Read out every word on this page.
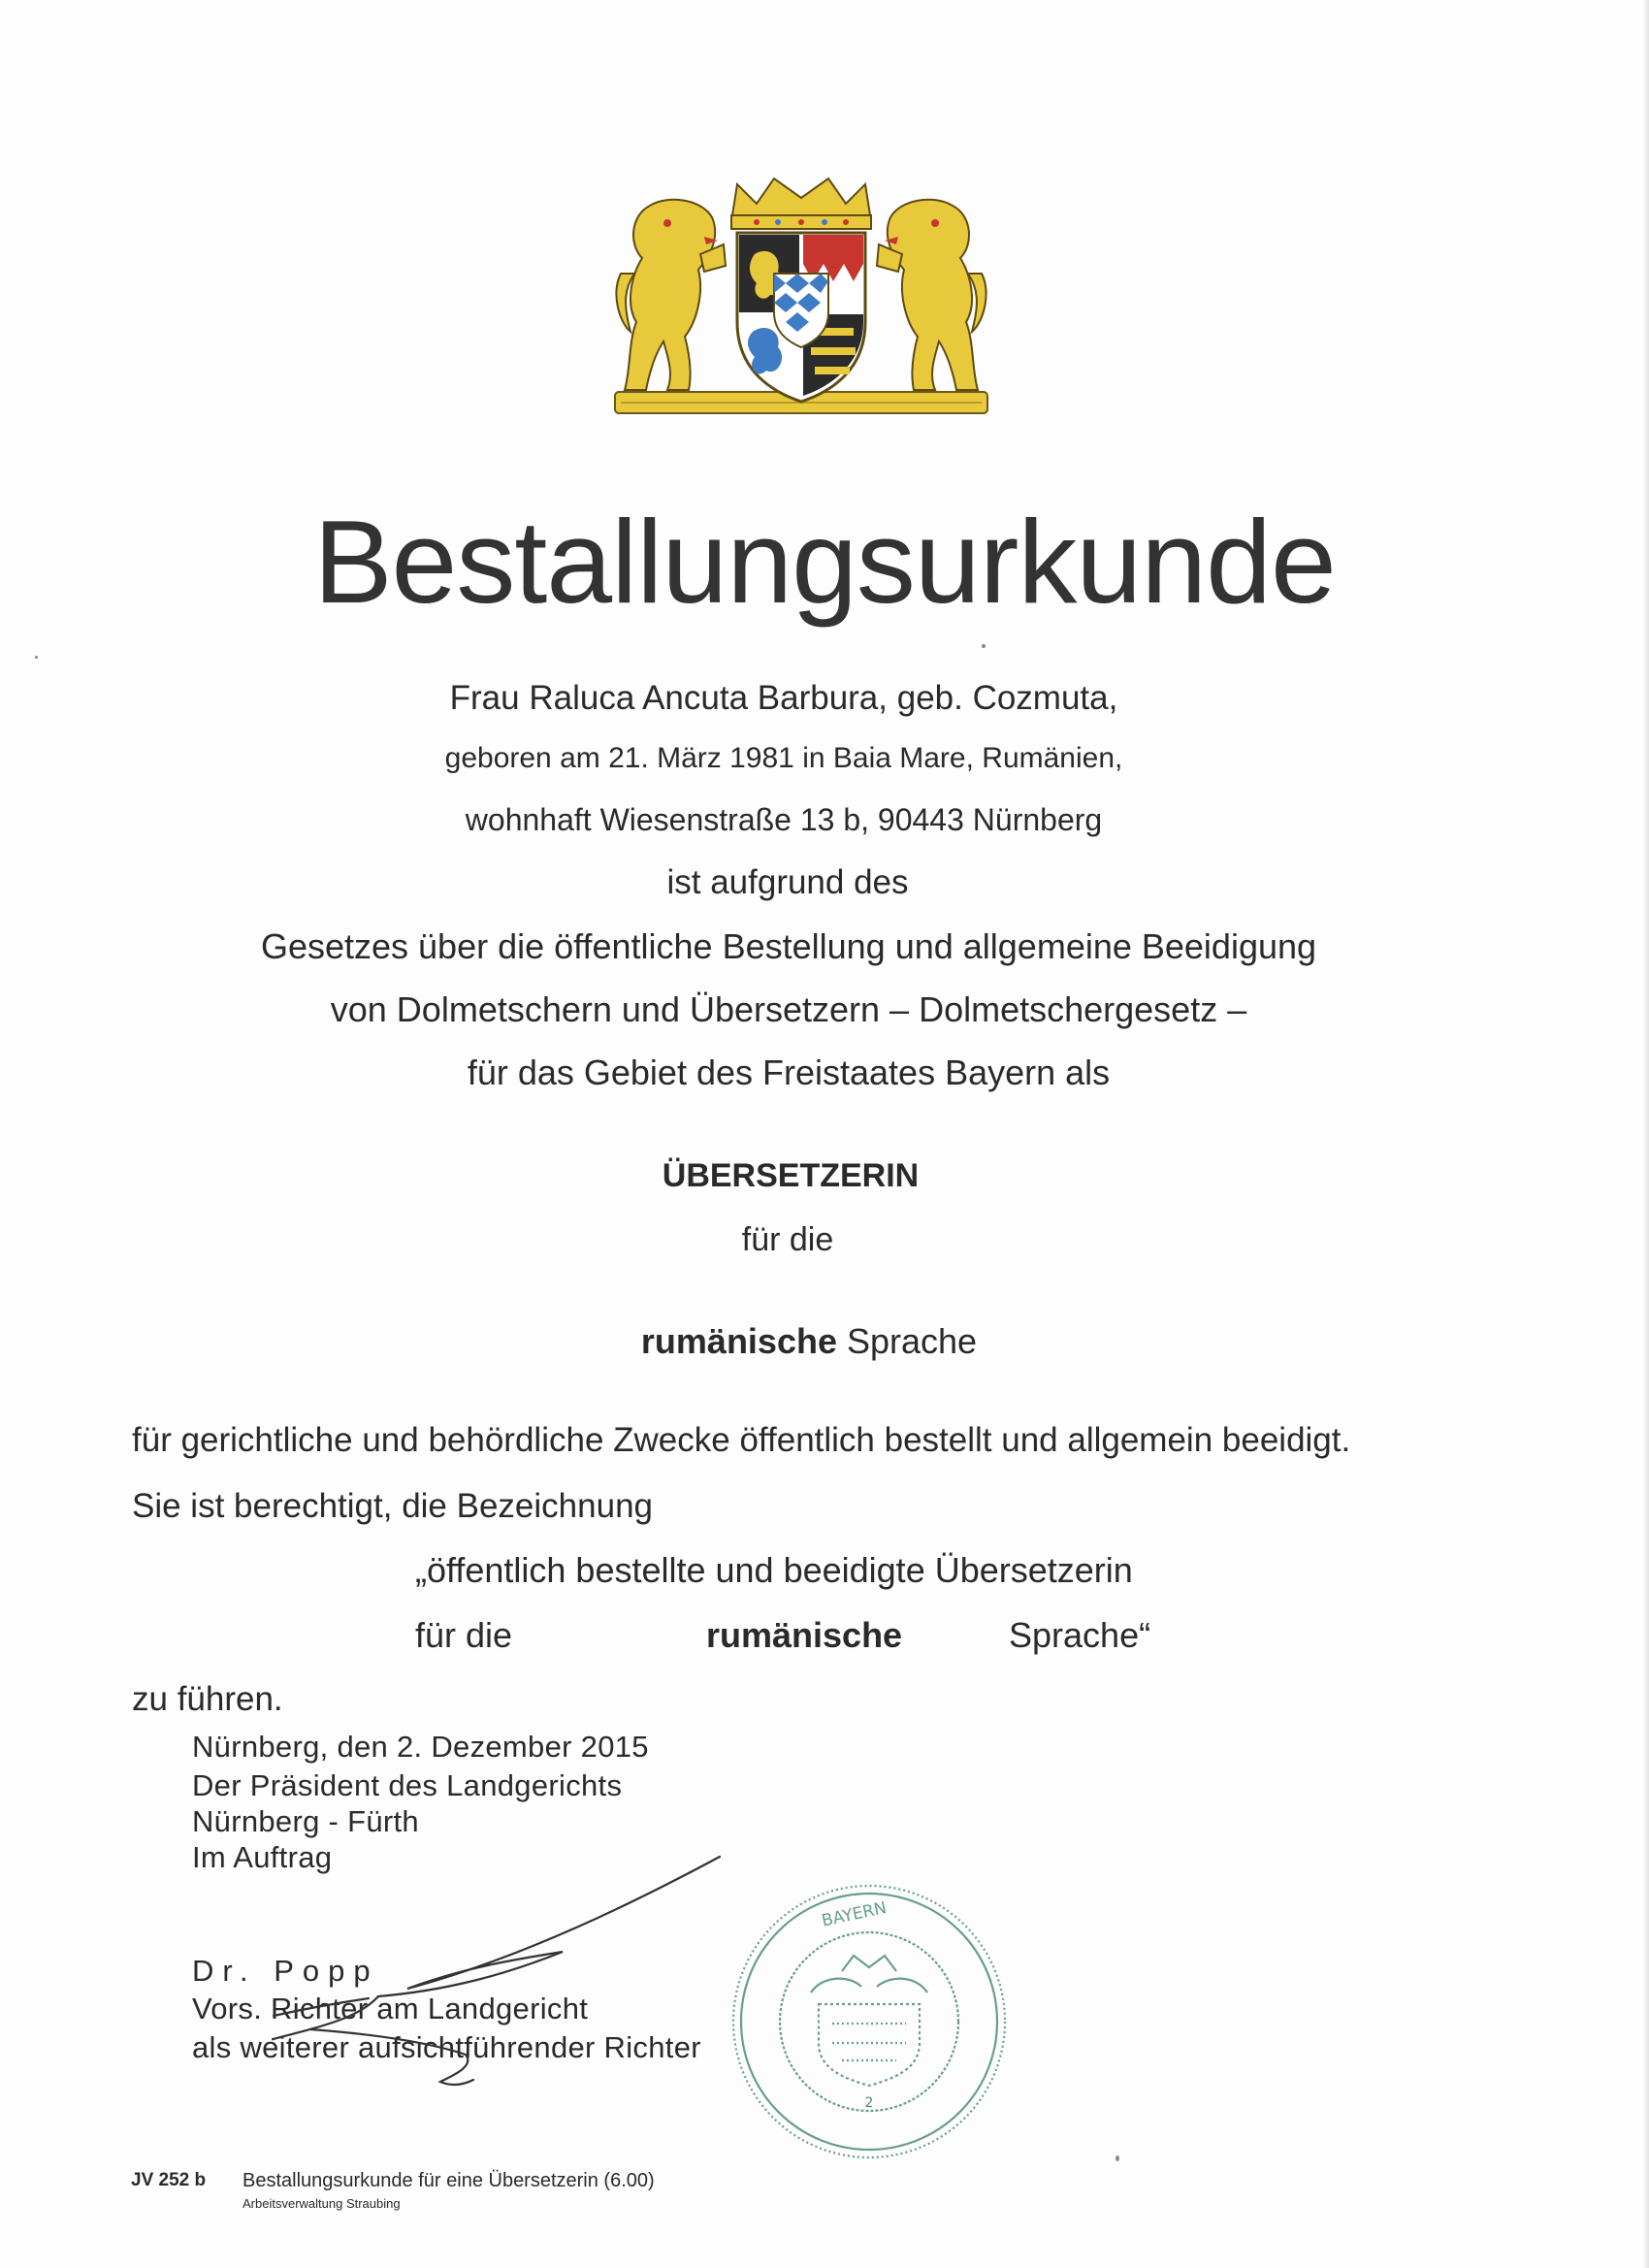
Bestallungsurkunde
Frau Raluca Ancuta Barbura, geb. Cozmuta,
geboren am 21. März 1981 in Baia Mare, Rumänien,
wohnhaft Wiesenstraße 13 b, 90443 Nürnberg
ist aufgrund des
Gesetzes über die öffentliche Bestellung und allgemeine Beeidigung
von Dolmetschern und Übersetzern – Dolmetschergesetz –
für das Gebiet des Freistaates Bayern als
ÜBERSETZERIN
für die
rumänische Sprache
für gerichtliche und behördliche Zwecke öffentlich bestellt und allgemein beeidigt.
Sie ist berechtigt, die Bezeichnung
„öffentlich bestellte und beeidigte Übersetzerin
für die	rumänische	Sprache“
zu führen.
Nürnberg, den 2. Dezember 2015
Der Präsident des Landgerichts
Nürnberg - Fürth
Im Auftrag
Dr. Popp
Vors. Richter am Landgericht
als weiterer aufsichtführender Richter
2
BAYERN
JV 252 b Bestallungsurkunde für eine Übersetzerin (6.00)
Arbeitsverwaltung Straubing
